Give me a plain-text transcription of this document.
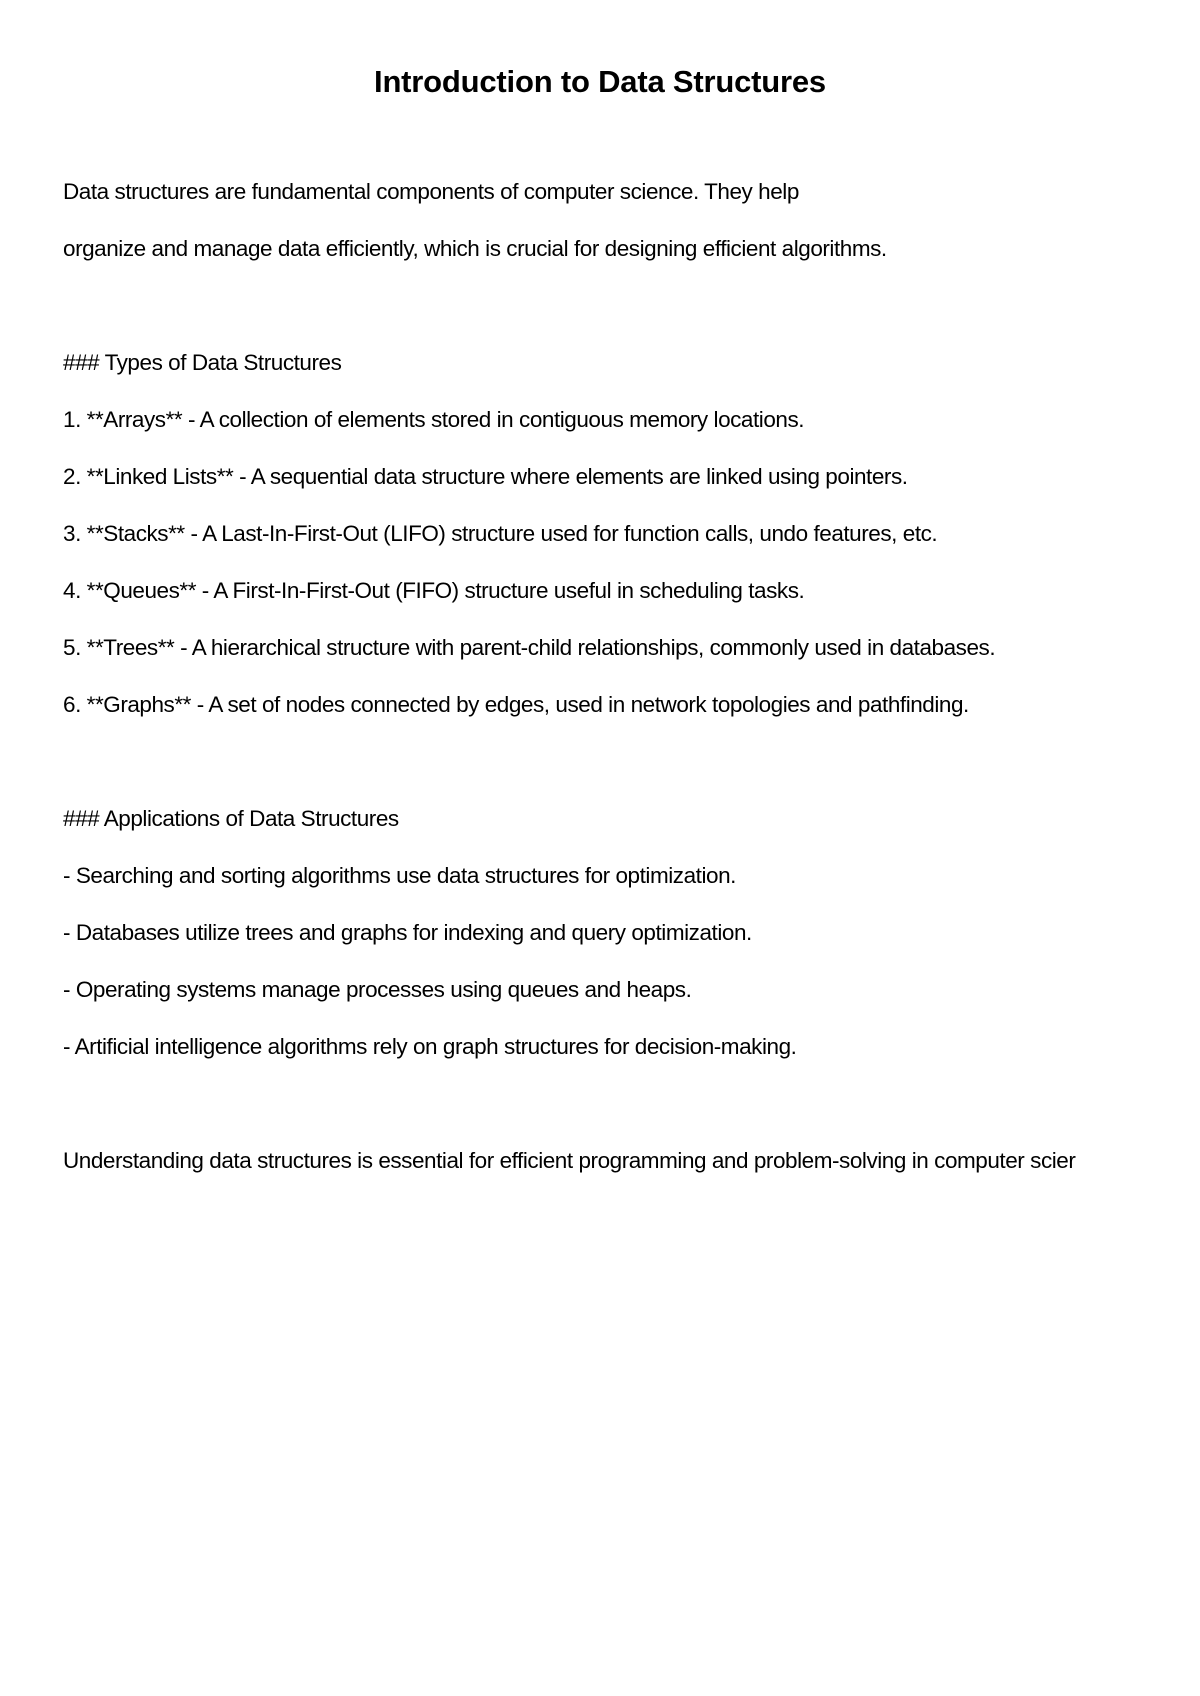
Introduction to Data Structures

Data structures are fundamental components of computer science. They help

organize and manage data efficiently, which is crucial for designing efficient algorithms.

### Types of Data Structures

1. **Arrays** - A collection of elements stored in contiguous memory locations.

2. **Linked Lists** - A sequential data structure where elements are linked using pointers.

3. **Stacks** - A Last-In-First-Out (LIFO) structure used for function calls, undo features, etc.

4. **Queues** - A First-In-First-Out (FIFO) structure useful in scheduling tasks.

5. **Trees** - A hierarchical structure with parent-child relationships, commonly used in databases.

6. **Graphs** - A set of nodes connected by edges, used in network topologies and pathfinding.

### Applications of Data Structures

- Searching and sorting algorithms use data structures for optimization.

- Databases utilize trees and graphs for indexing and query optimization.

- Operating systems manage processes using queues and heaps.

- Artificial intelligence algorithms rely on graph structures for decision-making.

Understanding data structures is essential for efficient programming and problem-solving in computer scier
